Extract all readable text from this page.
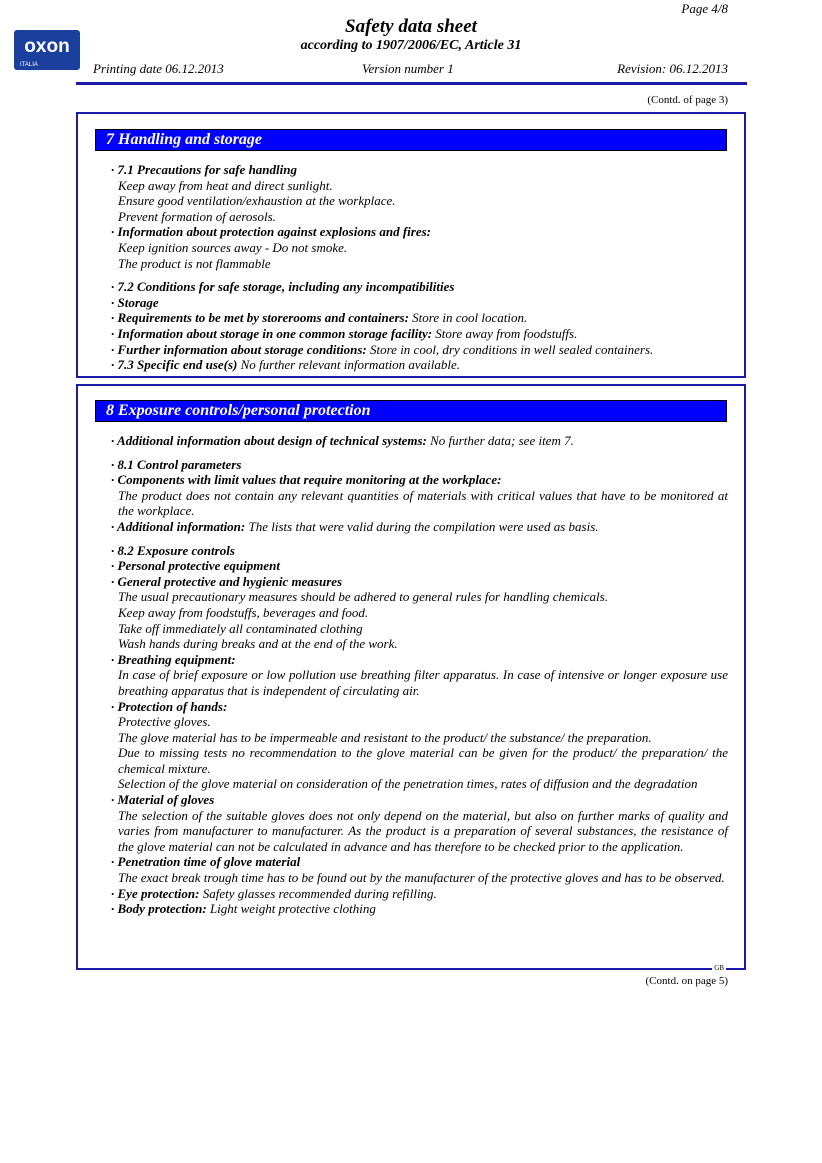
Page 4/8
oxon
ITALIA
Safety data sheet
according to 1907/2006/EC, Article 31
Printing date 06.12.2013	Version number 1	Revision: 06.12.2013
(Contd. of page 3)
7 Handling and storage
· 7.1 Precautions for safe handling
Keep away from heat and direct sunlight.
Ensure good ventilation/exhaustion at the workplace.
Prevent formation of aerosols.
· Information about protection against explosions and fires:
Keep ignition sources away - Do not smoke.
The product is not flammable
· 7.2 Conditions for safe storage, including any incompatibilities
· Storage
· Requirements to be met by storerooms and containers: Store in cool location.
· Information about storage in one common storage facility: Store away from foodstuffs.
· Further information about storage conditions: Store in cool, dry conditions in well sealed containers.
· 7.3 Specific end use(s) No further relevant information available.
8 Exposure controls/personal protection
· Additional information about design of technical systems: No further data; see item 7.
· 8.1 Control parameters
· Components with limit values that require monitoring at the workplace:
The product does not contain any relevant quantities of materials with critical values that have to be monitored at the workplace.
· Additional information: The lists that were valid during the compilation were used as basis.
· 8.2 Exposure controls
· Personal protective equipment
· General protective and hygienic measures
The usual precautionary measures should be adhered to general rules for handling chemicals.
Keep away from foodstuffs, beverages and food.
Take off immediately all contaminated clothing
Wash hands during breaks and at the end of the work.
· Breathing equipment:
In case of brief exposure or low pollution use breathing filter apparatus. In case of intensive or longer exposure use breathing apparatus that is independent of circulating air.
· Protection of hands:
Protective gloves.
The glove material has to be impermeable and resistant to the product/ the substance/ the preparation.
Due to missing tests no recommendation to the glove material can be given for the product/ the preparation/ the chemical mixture.
Selection of the glove material on consideration of the penetration times, rates of diffusion and the degradation
· Material of gloves
The selection of the suitable gloves does not only depend on the material, but also on further marks of quality and varies from manufacturer to manufacturer. As the product is a preparation of several substances, the resistance of the glove material can not be calculated in advance and has therefore to be checked prior to the application.
· Penetration time of glove material
The exact break trough time has to be found out by the manufacturer of the protective gloves and has to be observed.
· Eye protection: Safety glasses recommended during refilling.
· Body protection: Light weight protective clothing
GB
(Contd. on page 5)
